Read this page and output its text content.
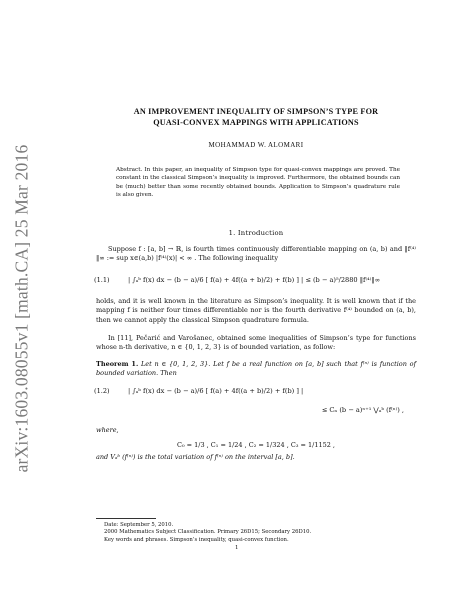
arXiv:1603.08055v1 [math.CA] 25 Mar 2016
AN IMPROVEMENT INEQUALITY OF SIMPSON’S TYPE FOR
QUASI-CONVEX MAPPINGS WITH APPLICATIONS
MOHAMMAD W. ALOMARI
Abstract. In this paper, an inequality of Simpson type for quasi-convex mappings are proved. The constant in the classical Simpson’s inequality is improved. Furthermore, the obtained bounds can be (much) better than some recently obtained bounds. Application to Simpson’s quadrature rule is also given.
1. Introduction

Suppose f : [a, b] → ℝ, is fourth times continuously differentiable mapping on (a, b) and ‖f⁽⁴⁾‖∞ := sup x∈(a,b) |f⁽⁴⁾(x)| < ∞ . The following inequality

(1.1)	| ∫ₐᵇ f(x) dx − (b − a)/6 [ f(a) + 4f((a + b)/2) + f(b) ] | ≤ (b − a)⁵/2880 ‖f⁽⁴⁾‖∞

holds, and it is well known in the literature as Simpson’s inequality. It is well known that if the mapping f is neither four times differentiable nor is the fourth derivative f⁽⁴⁾ bounded on (a, b), then we cannot apply the classical Simpson quadrature formula.

In [11], Pečarić and Varošanec, obtained some inequalities of Simpson’s type for functions whose n-th derivative, n ∈ {0, 1, 2, 3} is of bounded variation, as follow:

Theorem 1. Let n ∈ {0, 1, 2, 3}. Let f be a real function on [a, b] such that f⁽ⁿ⁾ is function of bounded variation. Then

(1.2)	| ∫ₐᵇ f(x) dx − (b − a)/6 [ f(a) + 4f((a + b)/2) + f(b) ] |
≤ Cₙ (b − a)ⁿ⁺¹ ⋁ₐᵇ (f⁽ⁿ⁾) ,

where,

C₀ = 1/3 , C₁ = 1/24 , C₂ = 1/324 , C₃ = 1/1152 ,

and Vₐᵇ (f⁽ⁿ⁾) is the total variation of f⁽ⁿ⁾ on the interval [a, b].

Date: September 5, 2010.
2000 Mathematics Subject Classification. Primary 26D15; Secondary 26D10.
Key words and phrases. Simpson’s inequality, quasi-convex function.
1
